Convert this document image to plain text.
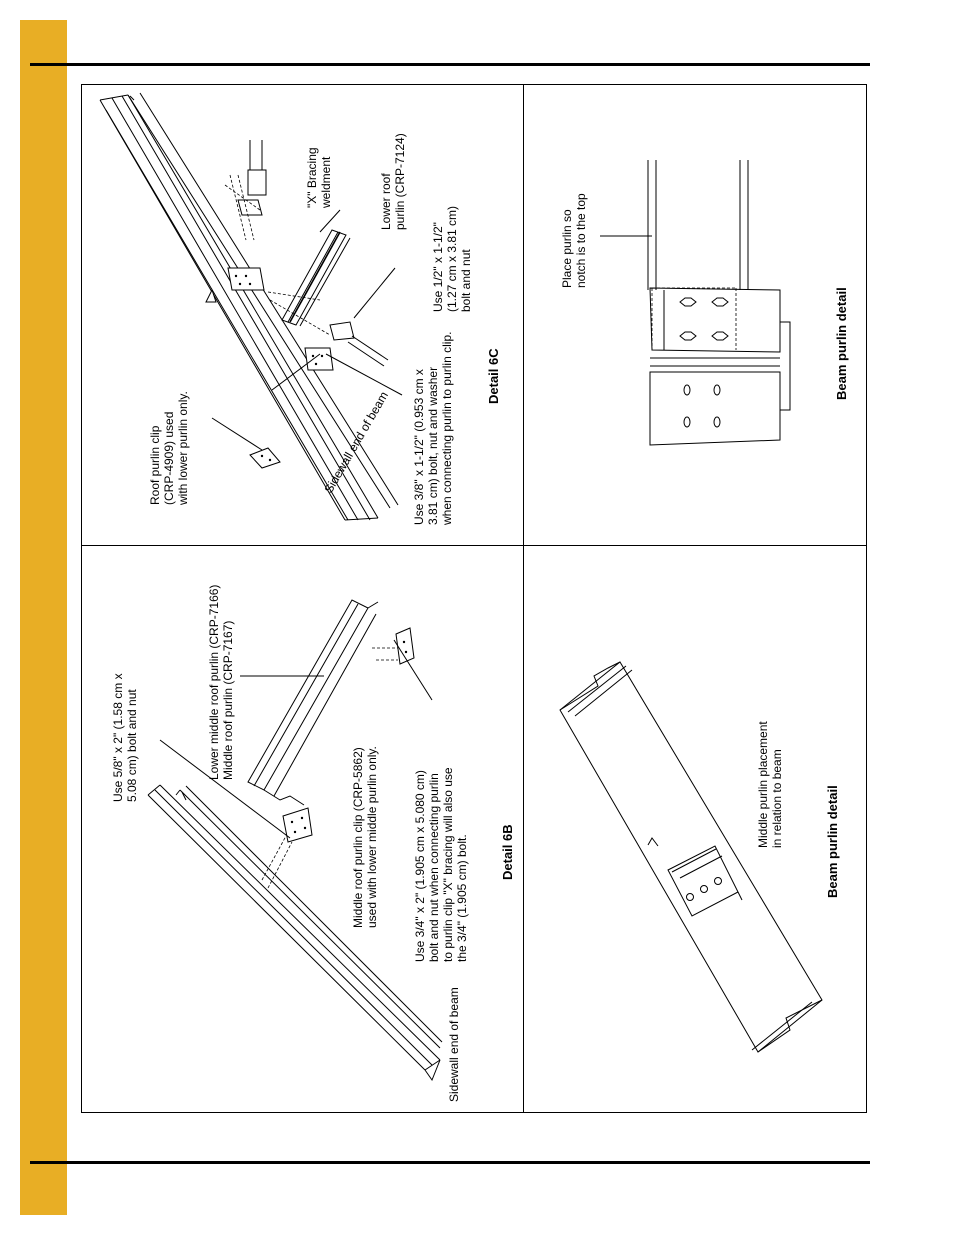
"X" Bracingweldment	Lower roofpurlin (CRP-7124)
Use 1/2" x 1-1/2"(1.27 cm x 3.81 cm)bolt and nut
Roof purlin clip(CRP-4909) usedwith lower purlin only.	Use 3/8" x 1-1/2" (0.953 cm x3.81 cm) bolt, nut and washerwhen connecting purlin to purlin clip.
Sidewall end of beam
Detail 6C
Use 5/8" x 2" (1.58 cm x5.08 cm) bolt and nut	Lower middle roof purlin (CRP-7166)Middle roof purlin (CRP-7167)
Middle roof purlin clip (CRP-5862)used with lower middle purlin only.	Use 3/4" x 2" (1.905 cm x 5.080 cm)bolt and nut when connecting purlinto purlin clip "X" bracing will also usethe 3/4" (1.905 cm) bolt.
Sidewall end of beam
Detail 6B
Middle purlin placementin relation to beam	Beam purlin detail
Place purlin sonotch is to the top
Beam purlin detail
